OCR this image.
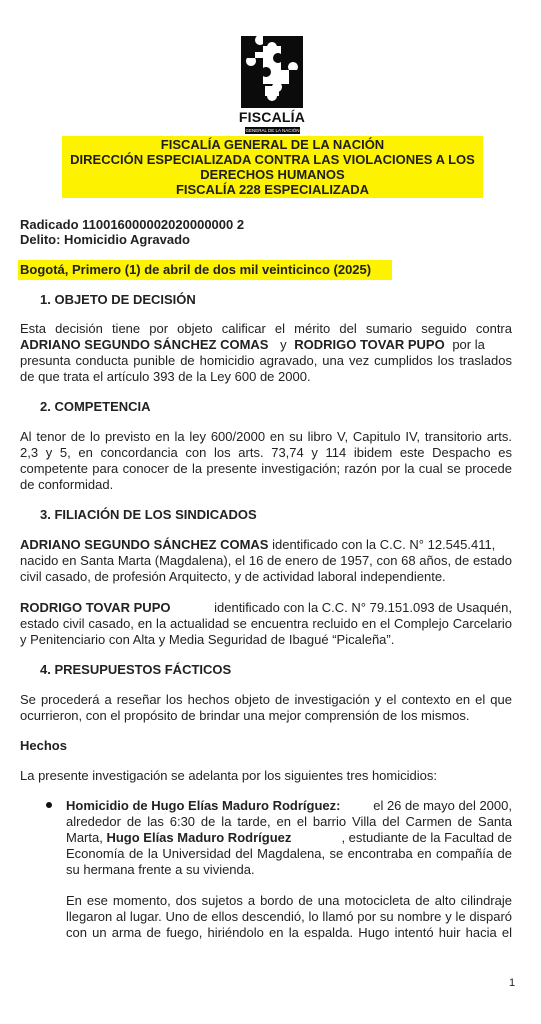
FISCALÍA
GENERAL DE LA NACIÓN
FISCALÍA GENERAL DE LA NACIÓN
DIRECCIÓN ESPECIALIZADA CONTRA LAS VIOLACIONES A LOS
DERECHOS HUMANOS
FISCALÍA 228 ESPECIALIZADA
Radicado 110016000002020000000 2
Delito: Homicidio Agravado
Bogotá, Primero (1) de abril de dos mil veinticinco (2025)
1. OBJETO DE DECISIÓN
Esta decisión tiene por objeto calificar el mérito del sumario seguido contra
ADRIANO SEGUNDO SÁNCHEZ COMAS y RODRIGO TOVAR PUPO por la
presunta conducta punible de homicidio agravado, una vez cumplidos los traslados
de que trata el artículo 393 de la Ley 600 de 2000.
2. COMPETENCIA
Al tenor de lo previsto en la ley 600/2000 en su libro V, Capitulo IV, transitorio arts.
2,3 y 5, en concordancia con los arts. 73,74 y 114 ibidem este Despacho es
competente para conocer de la presente investigación; razón por la cual se procede
de conformidad.
3. FILIACIÓN DE LOS SINDICADOS
ADRIANO SEGUNDO SÁNCHEZ COMAS identificado con la C.C. N° 12.545.411,
nacido en Santa Marta (Magdalena), el 16 de enero de 1957, con 68 años, de estado
civil casado, de profesión Arquitecto, y de actividad laboral independiente.
RODRIGO TOVAR PUPO	identificado con la C.C. N° 79.151.093 de Usaquén,
estado civil casado, en la actualidad se encuentra recluido en el Complejo Carcelario
y Penitenciario con Alta y Media Seguridad de Ibagué “Picaleña”.
4. PRESUPUESTOS FÁCTICOS
Se procederá a reseñar los hechos objeto de investigación y el contexto en el que
ocurrieron, con el propósito de brindar una mejor comprensión de los mismos.
Hechos
La presente investigación se adelanta por los siguientes tres homicidios:
Homicidio de Hugo Elías Maduro Rodríguez:	el 26 de mayo del 2000,
alrededor de las 6:30 de la tarde, en el barrio Villa del Carmen de Santa
Marta, Hugo Elías Maduro Rodríguez	, estudiante de la Facultad de
Economía de la Universidad del Magdalena, se encontraba en compañía de
su hermana frente a su vivienda.
En ese momento, dos sujetos a bordo de una motocicleta de alto cilindraje
llegaron al lugar. Uno de ellos descendió, lo llamó por su nombre y le disparó
con un arma de fuego, hiriéndolo en la espalda. Hugo intentó huir hacia el
1
